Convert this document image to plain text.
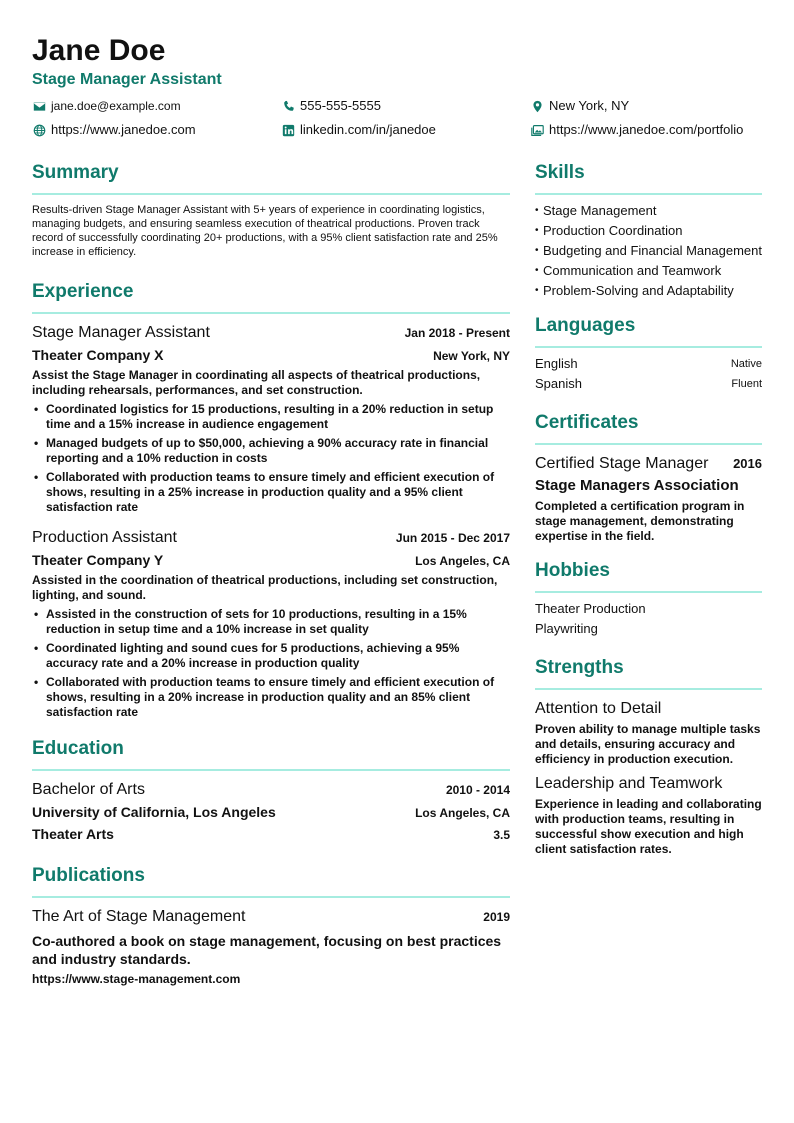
Jane Doe
Stage Manager Assistant
jane.doe@example.com	555-555-5555	New York, NY
https://www.janedoe.com	linkedin.com/in/janedoe	https://www.janedoe.com/portfolio
Summary
Results-driven Stage Manager Assistant with 5+ years of experience in coordinating logistics, managing budgets, and ensuring seamless execution of theatrical productions. Proven track record of successfully coordinating 20+ productions, with a 95% client satisfaction rate and 25% increase in efficiency.
Experience
Stage Manager Assistant	Jan 2018 - Present
Theater Company X	New York, NY
Assist the Stage Manager in coordinating all aspects of theatrical productions, including rehearsals, performances, and set construction.
• Coordinated logistics for 15 productions, resulting in a 20% reduction in setup time and a 15% increase in audience engagement
• Managed budgets of up to $50,000, achieving a 90% accuracy rate in financial reporting and a 10% reduction in costs
• Collaborated with production teams to ensure timely and efficient execution of shows, resulting in a 25% increase in production quality and a 95% client satisfaction rate
Production Assistant	Jun 2015 - Dec 2017
Theater Company Y	Los Angeles, CA
Assisted in the coordination of theatrical productions, including set construction, lighting, and sound.
• Assisted in the construction of sets for 10 productions, resulting in a 15% reduction in setup time and a 10% increase in set quality
• Coordinated lighting and sound cues for 5 productions, achieving a 95% accuracy rate and a 20% increase in production quality
• Collaborated with production teams to ensure timely and efficient execution of shows, resulting in a 20% increase in production quality and an 85% client satisfaction rate
Education
Bachelor of Arts	2010 - 2014
University of California, Los Angeles	Los Angeles, CA
Theater Arts	3.5
Publications
The Art of Stage Management	2019
Co-authored a book on stage management, focusing on best practices and industry standards.
https://www.stage-management.com
Skills
• Stage Management
• Production Coordination
• Budgeting and Financial Management
• Communication and Teamwork
• Problem-Solving and Adaptability
Languages
English	Native
Spanish	Fluent
Certificates
Certified Stage Manager 2016
Stage Managers Association
Completed a certification program in stage management, demonstrating expertise in the field.
Hobbies
Theater Production
Playwriting
Strengths
Attention to Detail
Proven ability to manage multiple tasks and details, ensuring accuracy and efficiency in production execution.
Leadership and Teamwork
Experience in leading and collaborating with production teams, resulting in successful show execution and high client satisfaction rates.
